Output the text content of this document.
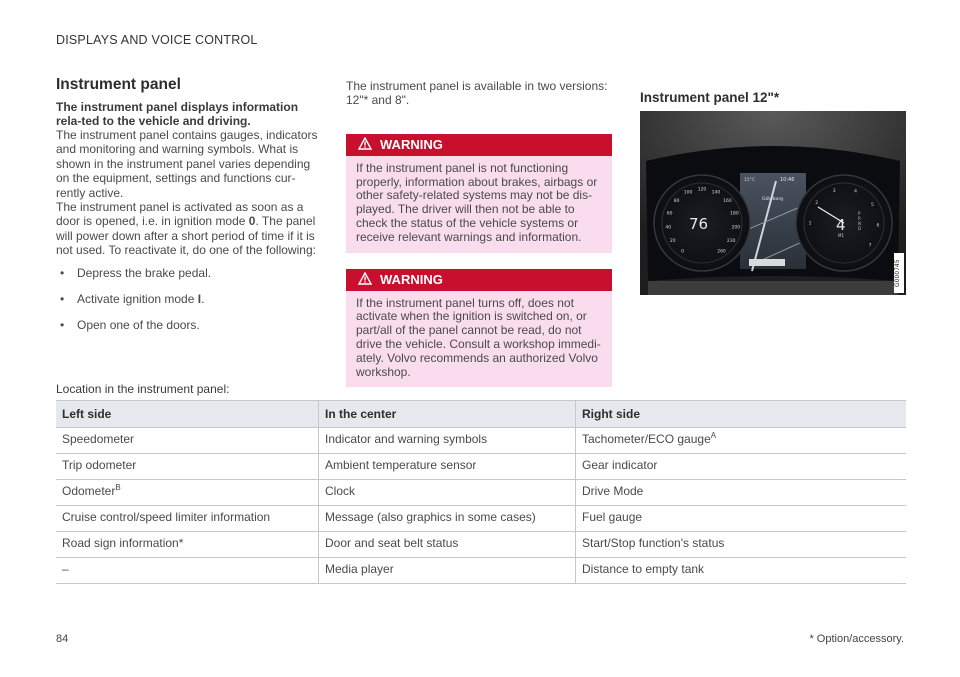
DISPLAYS AND VOICE CONTROL
Instrument panel

The instrument panel displays information rela-ted to the vehicle and driving.

The instrument panel contains gauges, indicators and monitoring and warning symbols. What is shown in the instrument panel varies depending on the equipment, settings and functions cur-rently active.

The instrument panel is activated as soon as a door is opened, i.e. in ignition mode 0. The panel will power down after a short period of time if it is not used. To reactivate it, do one of the following:

• Depress the brake pedal.
• Activate ignition mode I.
• Open one of the doors.

The instrument panel is available in two versions: 12"* and 8".

WARNING
If the instrument panel is not functioning properly, information about brakes, airbags or other safety-related systems may not be dis-played. The driver will then not be able to check the status of the vehicle systems or receive relevant warnings and information.
WARNING
If the instrument panel turns off, does not activate when the ignition is switched on, or part/all of the panel cannot be read, do not drive the vehicle. Consult a workshop immedi-ately. Volvo recommends an authorized Volvo workshop.
Instrument panel 12"*
Göteborg
10:46
15°C
0
20
40
60
80
100
120
140
160
180
200
230
260
76	1
2
3	4
5
6
7
4
P
R
N
D
M1
G000745
Location in the instrument panel:
Left side	In the center	Right side
Speedometer	Indicator and warning symbols	Tachometer/ECO gauge$^A$
Trip odometer	Ambient temperature sensor	Gear indicator
Odometer$^B$	Clock	Drive Mode
Cruise control/speed limiter information	Message (also graphics in some cases)	Fuel gauge
Road sign information*	Door and seat belt status	Start/Stop function's status
–	Media player	Distance to empty tank
84	* Option/accessory.
